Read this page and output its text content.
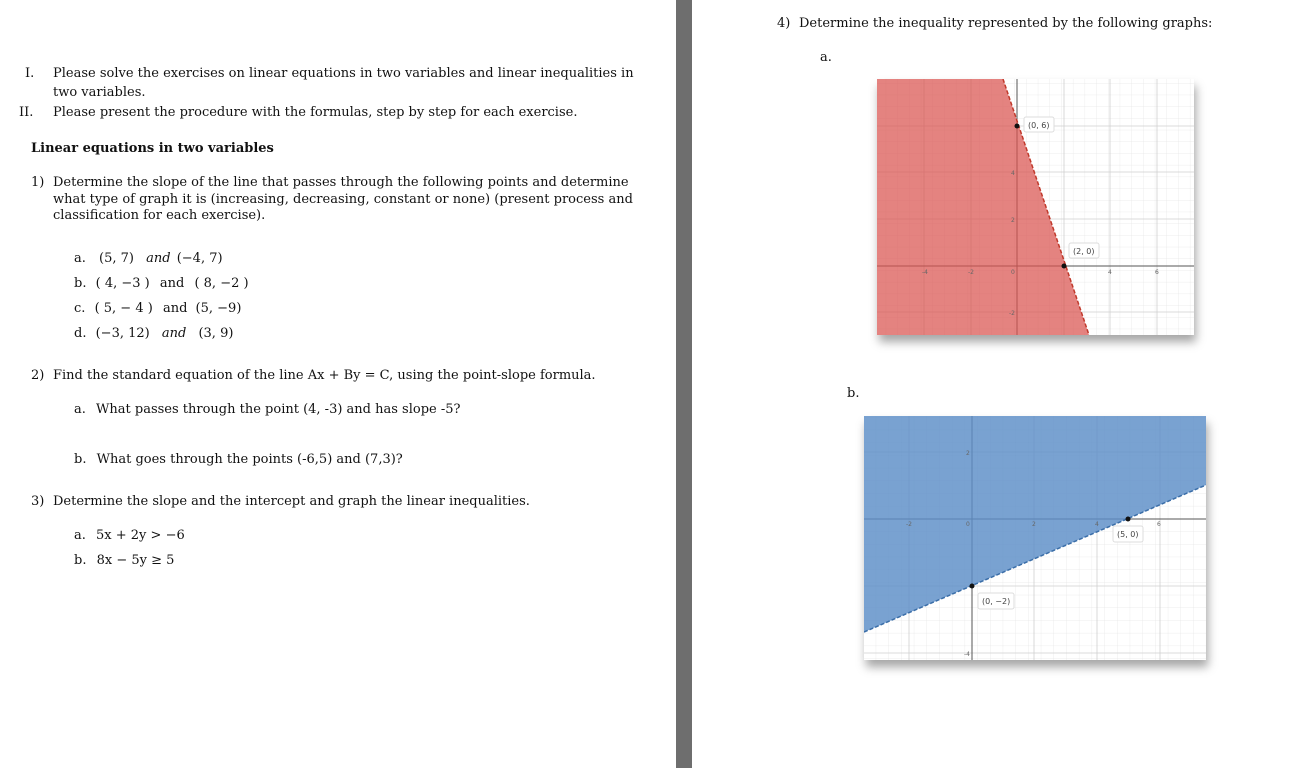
I. Please solve the exercises on linear equations in two variables and linear inequalities in
two variables.
II. Please present the procedure with the formulas, step by step for each exercise.
Linear equations in two variables
1) Determine the slope of the line that passes through the following points and determine
what type of graph it is (increasing, decreasing, constant or none) (present process and
classification for each exercise).
a. (5, 7) and (−4, 7)
b. ( 4, −3 ) and ( 8, −2 )
c. ( 5, − 4 ) and (5, −9)
d. (−3, 12) and (3, 9)
2) Find the standard equation of the line Ax + By = C, using the point-slope formula.
a. What passes through the point (4, -3) and has slope -5?
b. What goes through the points (-6,5) and (7,3)?
3) Determine the slope and the intercept and graph the linear inequalities.
a. 5x + 2y > −6
b. 8x − 5y ≥ 5
4) Determine the inequality represented by the following graphs:
a.
b.
(0, 6)
(2, 0)
-4	-2	0	4	6
4
2
-2
(0, −2)
(5, 0)
-2	0	2	4	6
2
-4
